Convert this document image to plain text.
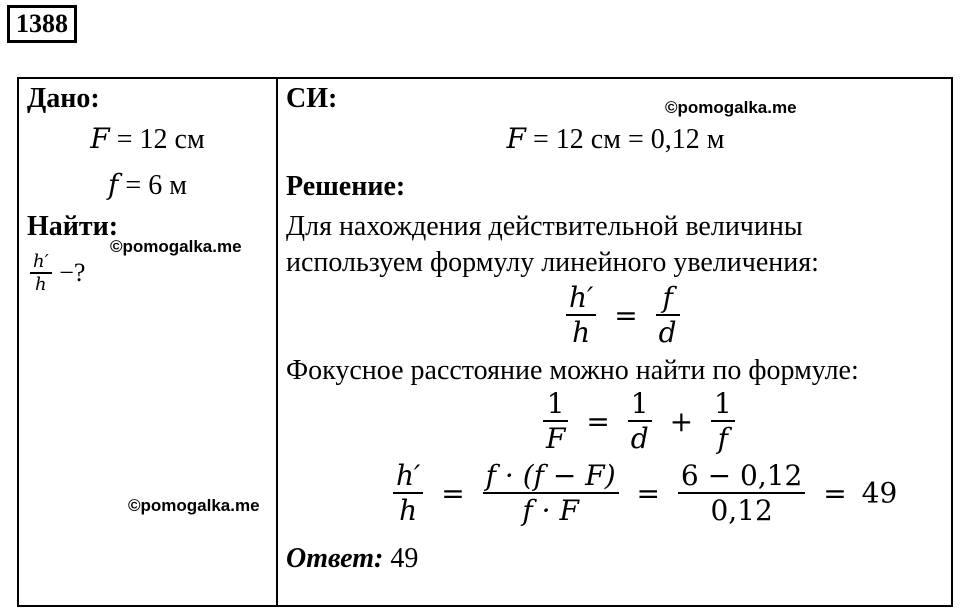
1388
Дано:
F = 12 см
f = 6 м
Найти:
$\frac{h'}{h}$ −?
СИ:
F = 12 см = 0,12 м
Решение:
Для нахождения действительной величины
используем формулу линейного увеличения:
$\frac{h'}{h} = \frac{f}{d}$
Фокусное расстояние можно найти по формуле:
$\frac{1}{F} = \frac{1}{d} + \frac{1}{f}$
$\frac{h'}{h} = \frac{f \cdot (f - F)}{f \cdot F} = \frac{6 - 0,12}{0,12} = 49$
Ответ: 49
©pomogalka.me
©pomogalka.me
©pomogalka.me
